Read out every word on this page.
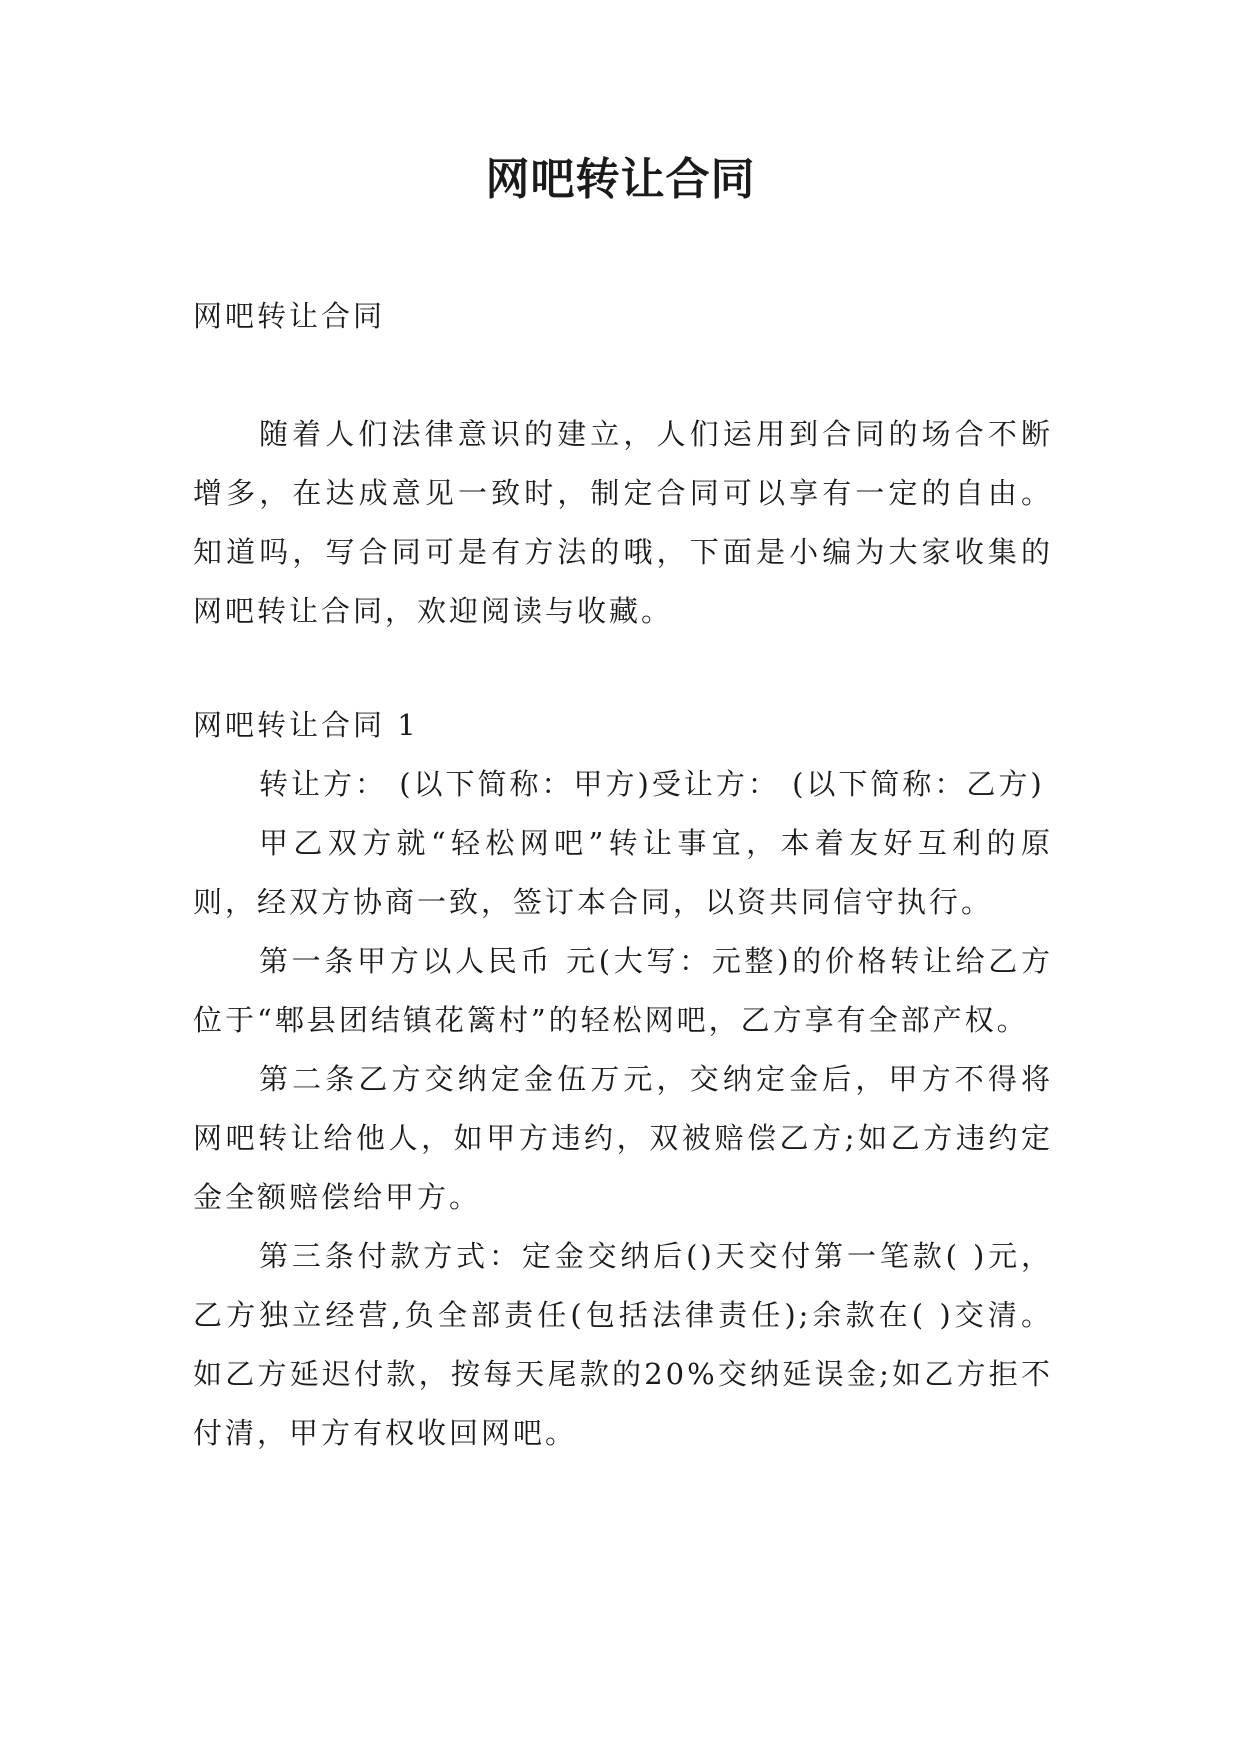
网吧转让合同

网吧转让合同

随着人们法律意识的建立，人们运用到合同的场合不断增多，在达成意见一致时，制定合同可以享有一定的自由。知道吗，写合同可是有方法的哦，下面是小编为大家收集的网吧转让合同，欢迎阅读与收藏。

网吧转让合同 1

转让方： (以下简称：甲方)受让方： (以下简称：乙方)

甲乙双方就“轻松网吧”转让事宜，本着友好互利的原则，经双方协商一致，签订本合同，以资共同信守执行。

第一条甲方以人民币 元(大写：元整)的价格转让给乙方位于“郫县团结镇花篱村”的轻松网吧，乙方享有全部产权。

第二条乙方交纳定金伍万元，交纳定金后，甲方不得将网吧转让给他人，如甲方违约，双被赔偿乙方;如乙方违约定金全额赔偿给甲方。

第三条付款方式：定金交纳后()天交付第一笔款( )元，乙方独立经营,负全部责任(包括法律责任);余款在( )交清。如乙方延迟付款，按每天尾款的20%交纳延误金;如乙方拒不付清，甲方有权收回网吧。
